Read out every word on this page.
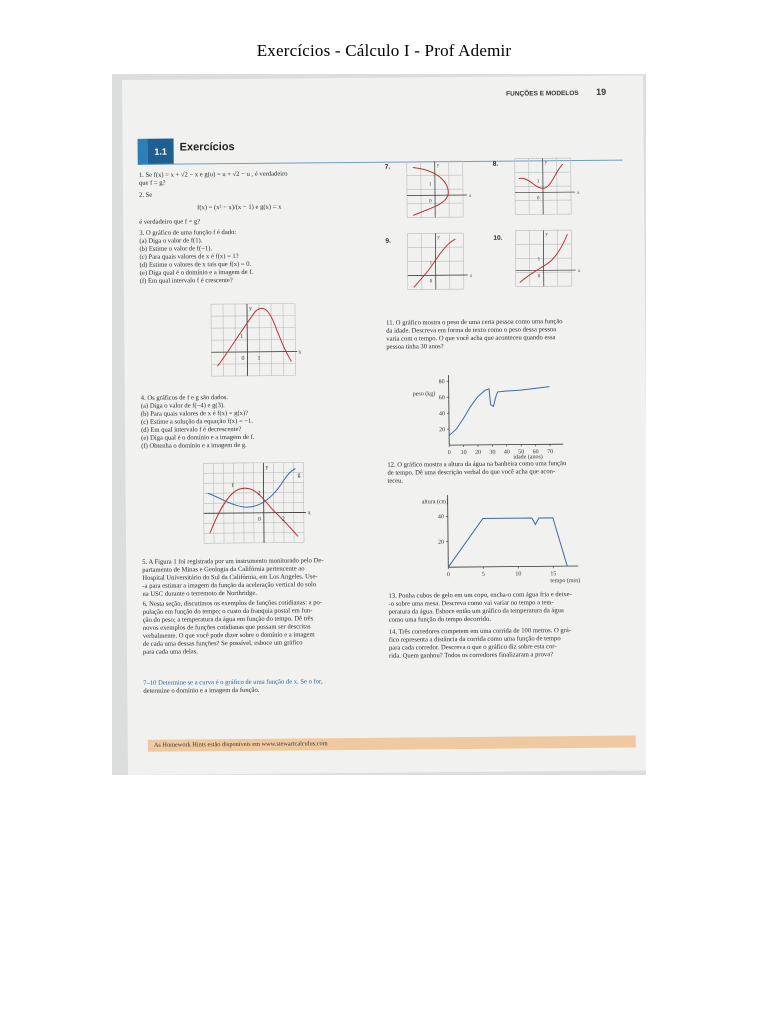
Exercícios - Cálculo I - Prof Ademir
FUNÇÕES E MODELOS 19
1.1	Exercícios
1. Se f(x) = x + √2 − x e g(u) = u + √2 − u , é verdadeiro
que f = g?
2. Se
f(x) = (x² − x)/(x − 1) e g(x) = x
é verdadeiro que f = g?
3. O gráfico de uma função f é dado:
(a) Diga o valor de f(1).
(b) Estime o valor de f(−1).
(c) Para quais valores de x é f(x) = 1?
(d) Estime o valores de x tais que f(x) = 0.
(e) Diga qual é o domínio e a imagem de f.
(f) Em qual intervalo f é crescente?
y
1
0 1
x
4. Os gráficos de f e g são dados.
(a) Diga o valor de f(−4) e g(3).
(b) Para quais valores de x é f(x) = g(x)?
(c) Estime a solução da equação f(x) = −1.
(d) Em qual intervalo f é decrescente?
(e) Diga qual é o domínio e a imagem de f.
(f) Obtenha o domínio e a imagem de g.
y
f
g
2
0	2
x
5. A Figura 1 foi registrada por um instrumento monitorado pelo De-
partamento de Minas e Geologia da Califórnia pertencente ao
Hospital Universitário do Sul da Califórnia, em Los Angeles. Use-
-a para estimar a imagem da função da aceleração vertical do solo
na USC durante o terremoto de Northridge.
6. Nesta seção, discutimos os exemplos de funções cotidianas: a po-
pulação em função do tempo; o custo da franquia postal em fun-
ção do peso; a temperatura da água em função do tempo. Dê três
novos exemplos de funções cotidianas que possam ser descritas
verbalmente. O que você pode dizer sobre o domínio e a imagem
de cada uma dessas funções? Se possível, esboce um gráfico
para cada uma delas.
7–10 Determine se a curva é o gráfico de uma função de x. Se o for,
determine o domínio e a imagem da função.
7.	8.
9.	10.
y
1
0
x
y
1
0
x
y
1
0
x
y
1
0
x
11. O gráfico mostra o peso de uma certa pessoa como uma função
da idade. Descreva em forma de texto como o peso dessa pessoa
varia com o tempo. O que você acha que aconteceu quando essa
pessoa tinha 30 anos?
20
40
60
80
0 10 20 30 40 50 60 70
peso (kg)
idade (anos)
12. O gráfico mostra a altura da água na banheira como uma função
de tempo. Dê uma descrição verbal do que você acha que acon-
teceu.
20
40
0	5	10	15
altura (cm)
tempo (min)
13. Ponha cubos de gelo em um copo, encha-o com água fria e deixe-
-o sobre uma mesa. Descreva como vai variar no tempo a tem-
peratura da água. Esboce então um gráfico da temperatura da água
como uma função do tempo decorrido.
14. Três corredores competem em uma corrida de 100 metros. O grá-
fico representa a distância da corrida como uma função de tempo
para cada corredor. Descreva o que o gráfico diz sobre esta cor-
rida. Quem ganhou? Todos os corredores finalizaram a prova?
As Homework Hints estão disponíveis em www.stewartcalculus.com
